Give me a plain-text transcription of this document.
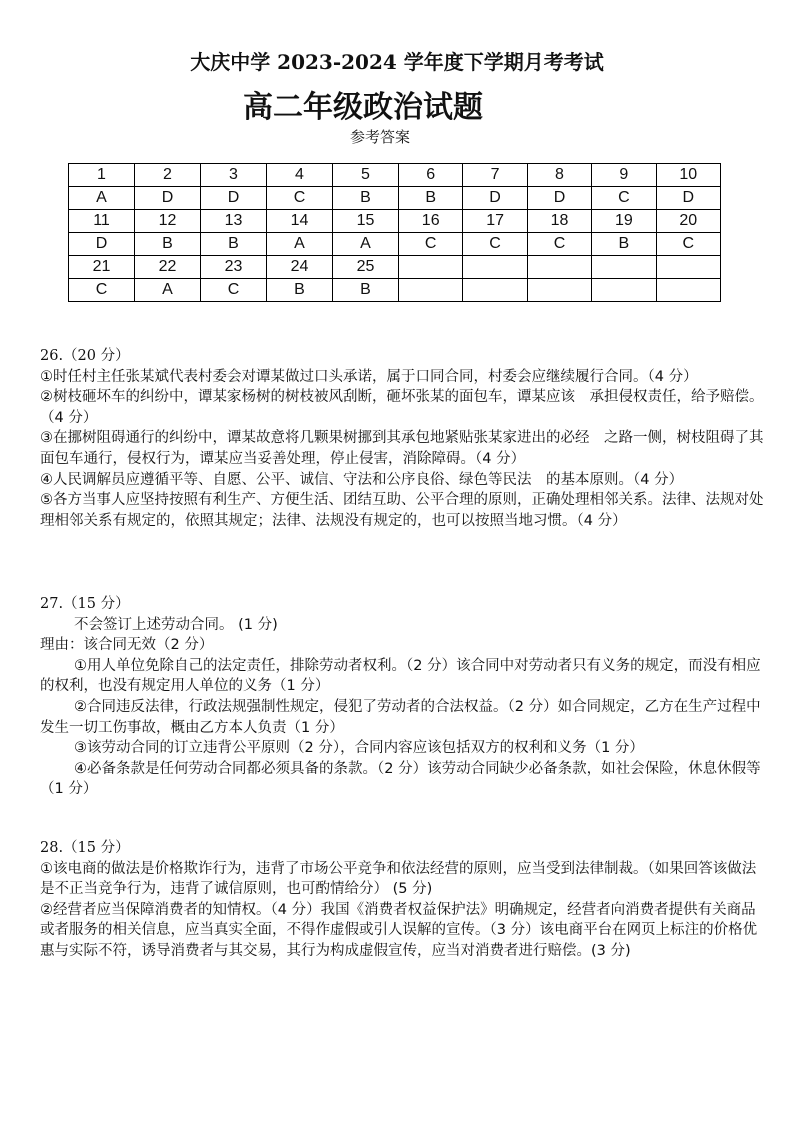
大庆中学 2023-2024 学年度下学期月考考试
高二年级政治试题
参考答案
1	2	3	4	5	6	7	8	9	10
A	D	D	C	B	B	D	D	C	D
11	12	13	14	15	16	17	18	19	20
D	B	B	A	A	C	C	C	B	C
21	22	23	24	25					
C	A	C	B	B					

26.（20 分）

①时任村主任张某斌代表村委会对谭某做过口头承诺，属于口同合同，村委会应继续履行合同。（4 分）

②树枝砸坏车的纠纷中，谭某家杨树的树枝被风刮断，砸坏张某的面包车，谭某应该　承担侵权责任，给予赔偿。（4 分）

③在挪树阻碍通行的纠纷中，谭某故意将几颗果树挪到其承包地紧贴张某家进出的必经　之路一侧，树枝阻碍了其面包车通行，侵权行为，谭某应当妥善处理，停止侵害，消除障碍。（4 分）

④人民调解员应遵循平等、自愿、公平、诚信、守法和公序良俗、绿色等民法　的基本原则。（4 分）

⑤各方当事人应坚持按照有利生产、方便生活、团结互助、公平合理的原则，正确处理相邻关系。法律、法规对处理相邻关系有规定的，依照其规定；法律、法规没有规定的，也可以按照当地习惯。（4 分）

27.（15 分）

不会签订上述劳动合同。 (1 分)

理由：该合同无效（2 分）

①用人单位免除自己的法定责任，排除劳动者权利。（2 分）该合同中对劳动者只有义务的规定，而没有相应的权利，也没有规定用人单位的义务（1 分）

②合同违反法律，行政法规强制性规定，侵犯了劳动者的合法权益。（2 分）如合同规定，乙方在生产过程中发生一切工伤事故，概由乙方本人负责（1 分）

③该劳动合同的订立违背公平原则（2 分），合同内容应该包括双方的权利和义务（1 分）

④必备条款是任何劳动合同都必须具备的条款。（2 分）该劳动合同缺少必备条款，如社会保险，休息休假等（1 分）

28.（15 分）

①该电商的做法是价格欺诈行为，违背了市场公平竞争和依法经营的原则，应当受到法律制裁。（如果回答该做法是不正当竞争行为，违背了诚信原则，也可酌情给分） (5 分)

②经营者应当保障消费者的知情权。（4 分）我国《消费者权益保护法》明确规定，经营者向消费者提供有关商品或者服务的相关信息，应当真实全面，不得作虚假或引人误解的宣传。（3 分）该电商平台在网页上标注的价格优惠与实际不符，诱导消费者与其交易，其行为构成虚假宣传，应当对消费者进行赔偿。(3 分)
